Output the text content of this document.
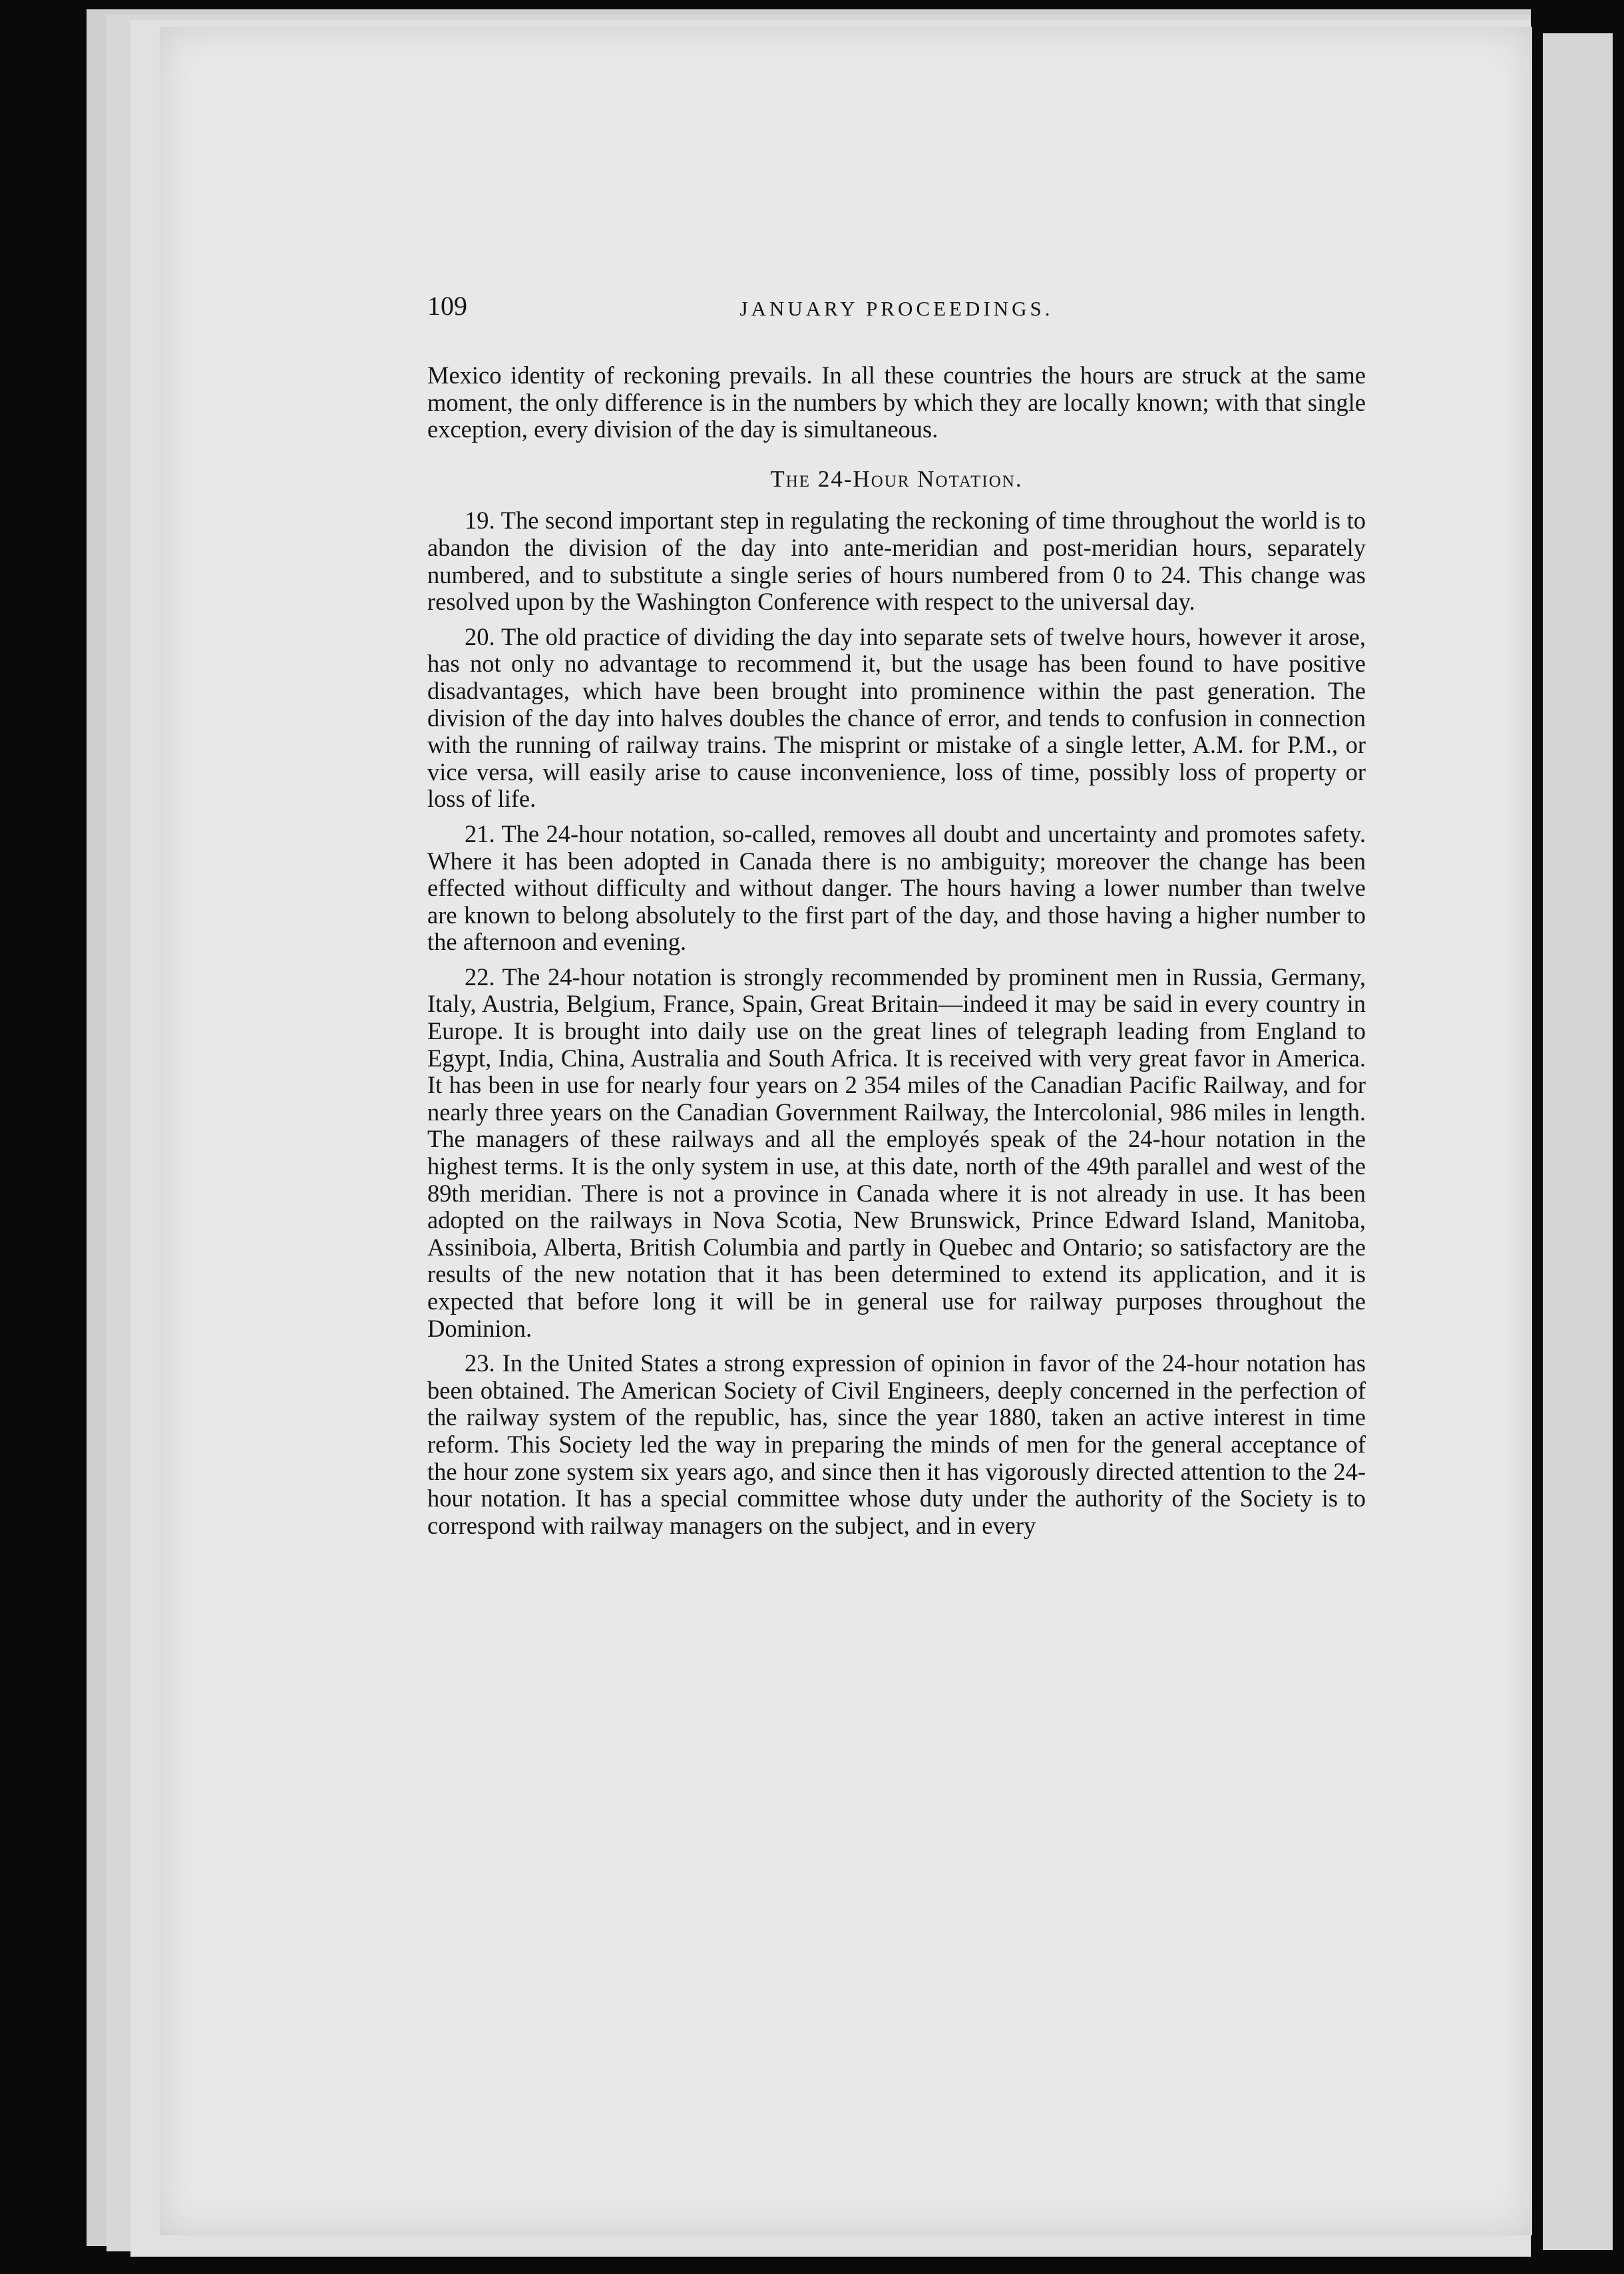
109	JANUARY PROCEEDINGS.

Mexico identity of reckoning prevails. In all these countries the hours are struck at the same moment, the only difference is in the numbers by which they are locally known; with that single exception, every division of the day is simultaneous.

The 24-Hour Notation.

19. The second important step in regulating the reckoning of time throughout the world is to abandon the division of the day into ante-meridian and post-meridian hours, separately numbered, and to substitute a single series of hours numbered from 0 to 24. This change was resolved upon by the Washington Conference with respect to the universal day.

20. The old practice of dividing the day into separate sets of twelve hours, however it arose, has not only no advantage to recommend it, but the usage has been found to have positive disadvantages, which have been brought into prominence within the past generation. The division of the day into halves doubles the chance of error, and tends to confusion in connection with the running of railway trains. The misprint or mistake of a single letter, A.M. for P.M., or vice versa, will easily arise to cause inconvenience, loss of time, possibly loss of property or loss of life.

21. The 24-hour notation, so-called, removes all doubt and uncertainty and promotes safety. Where it has been adopted in Canada there is no ambiguity; moreover the change has been effected without difficulty and without danger. The hours having a lower number than twelve are known to belong absolutely to the first part of the day, and those having a higher number to the afternoon and evening.

22. The 24-hour notation is strongly recommended by prominent men in Russia, Germany, Italy, Austria, Belgium, France, Spain, Great Britain—indeed it may be said in every country in Europe. It is brought into daily use on the great lines of telegraph leading from England to Egypt, India, China, Australia and South Africa. It is received with very great favor in America. It has been in use for nearly four years on 2 354 miles of the Canadian Pacific Railway, and for nearly three years on the Canadian Government Railway, the Intercolonial, 986 miles in length. The managers of these railways and all the employés speak of the 24-hour notation in the highest terms. It is the only system in use, at this date, north of the 49th parallel and west of the 89th meridian. There is not a province in Canada where it is not already in use. It has been adopted on the railways in Nova Scotia, New Brunswick, Prince Edward Island, Manitoba, Assiniboia, Alberta, British Columbia and partly in Quebec and Ontario; so satisfactory are the results of the new notation that it has been determined to extend its application, and it is expected that before long it will be in general use for railway purposes throughout the Dominion.

23. In the United States a strong expression of opinion in favor of the 24-hour notation has been obtained. The American Society of Civil Engineers, deeply concerned in the perfection of the railway system of the republic, has, since the year 1880, taken an active interest in time reform. This Society led the way in preparing the minds of men for the general acceptance of the hour zone system six years ago, and since then it has vigorously directed attention to the 24-hour notation. It has a special committee whose duty under the authority of the Society is to correspond with railway managers on the subject, and in every
